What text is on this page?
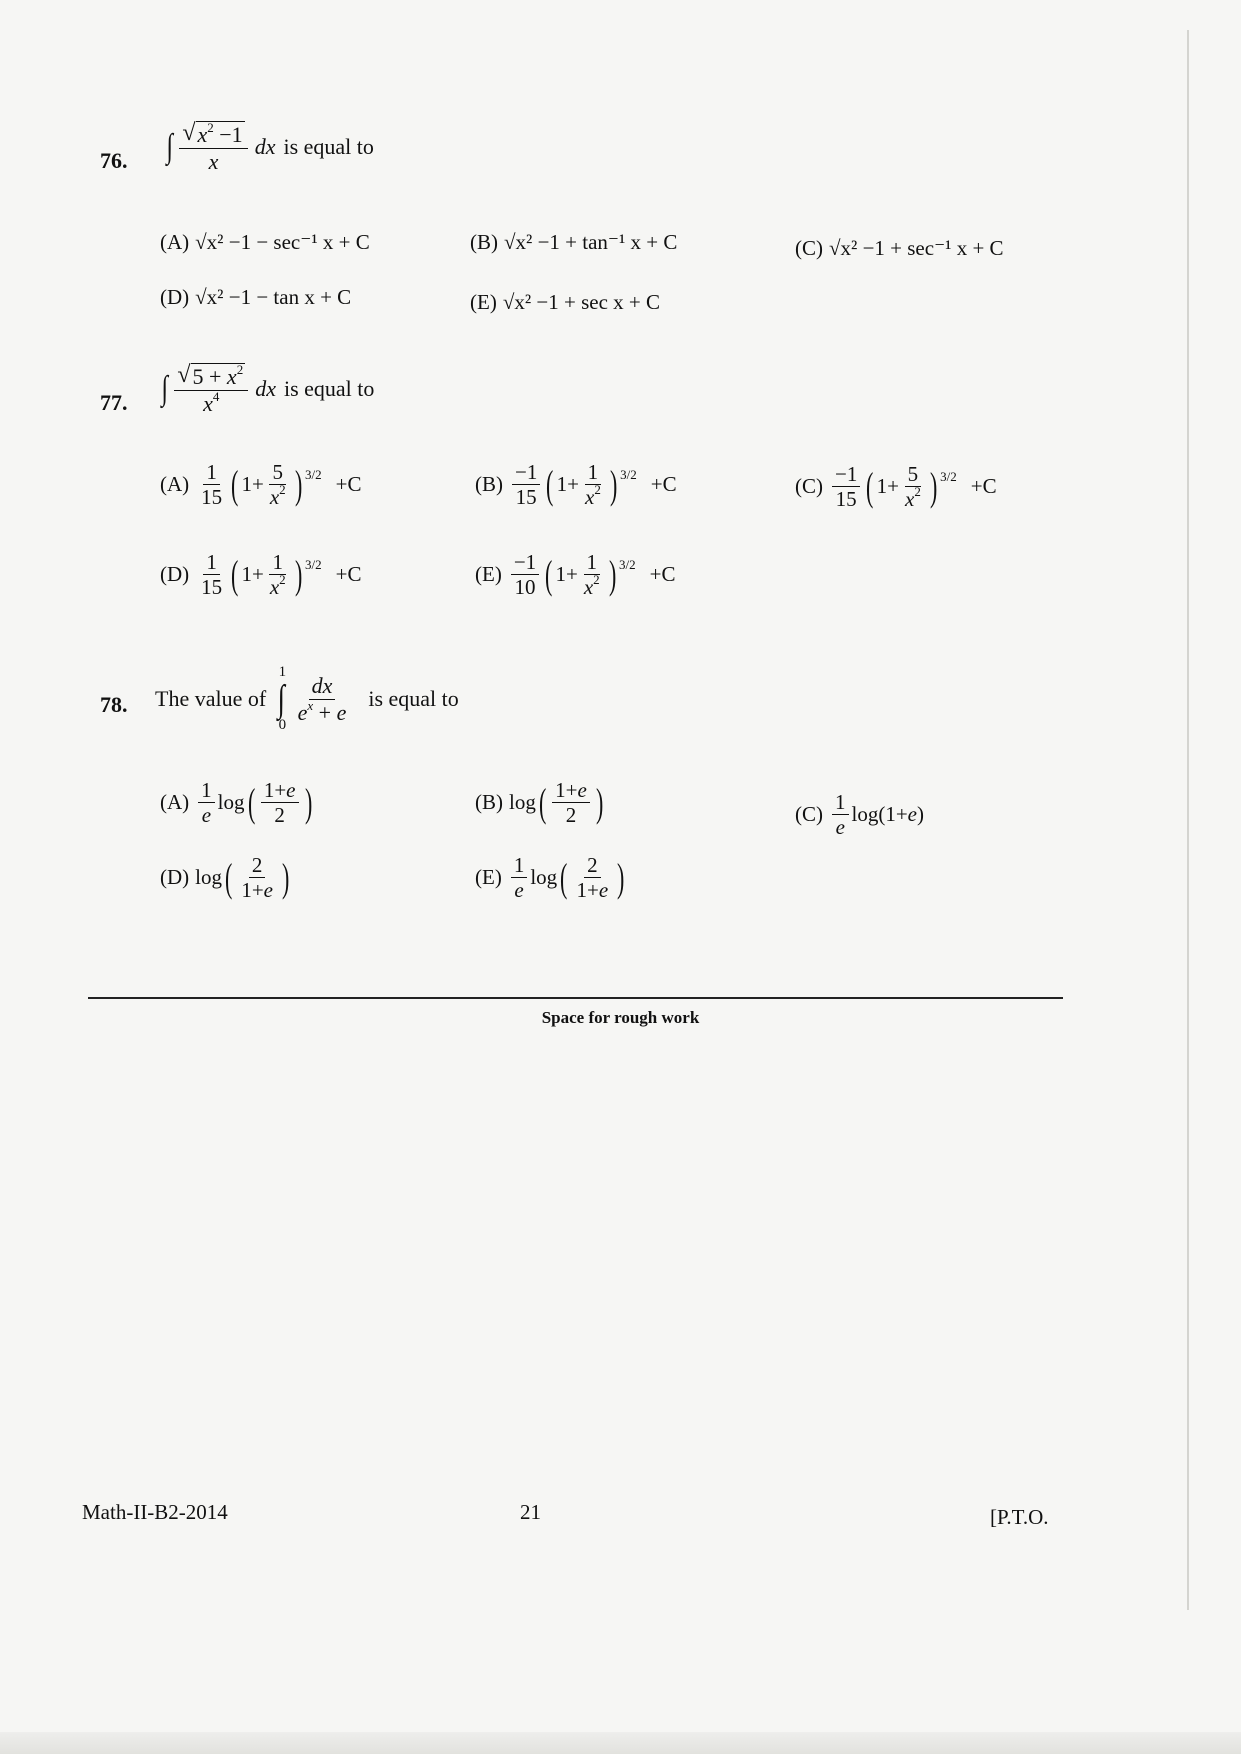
76. ∫ $\frac{√ x^2 -1}{x}$ dx is equal to
(A) √x² −1 − sec⁻¹ x + C	(B) √x² −1 + tan⁻¹ x + C	(C) √x² −1 + sec⁻¹ x + C
(D) √x² −1 − tan x + C	(E) √x² −1 + sec x + C
77. ∫ $\frac{√ 5 + x^2}{x^4}$ dx is equal to
$(A) \frac{1}{15}$ ( $1+ \frac{5}{x^2}$ ) 3/2 +C	$(B) \frac{-1}{15}$ ( $1+ \frac{1}{x^2}$ ) 3/2 +C	$(C) \frac{-1}{15}$ ( $1+ \frac{5}{x^2}$ ) 3/2 +C
$(D) \frac{1}{15}$ ( $1+ \frac{1}{x^2}$ ) 3/2 +C	$(E) \frac{-1}{10}$ ( $1+ \frac{1}{x^2}$ ) 3/2 +C
78. The value of
1
∫
0
$\frac{dx}{e^x + e}$ is equal to
$(A) \frac{1}{e}$ log ( $\frac{1+e}{2}$ )	(B) log ( $\frac{1+e}{2}$ )	$(C) \frac{1}{e} \log(1+ e$ )
(D) log ( $\frac{2}{1+e}$ )	$(E) \frac{1}{e}$ log ( $\frac{2}{1+e}$ )
Space for rough work
Math-II-B2-2014	21	[P.T.O.
